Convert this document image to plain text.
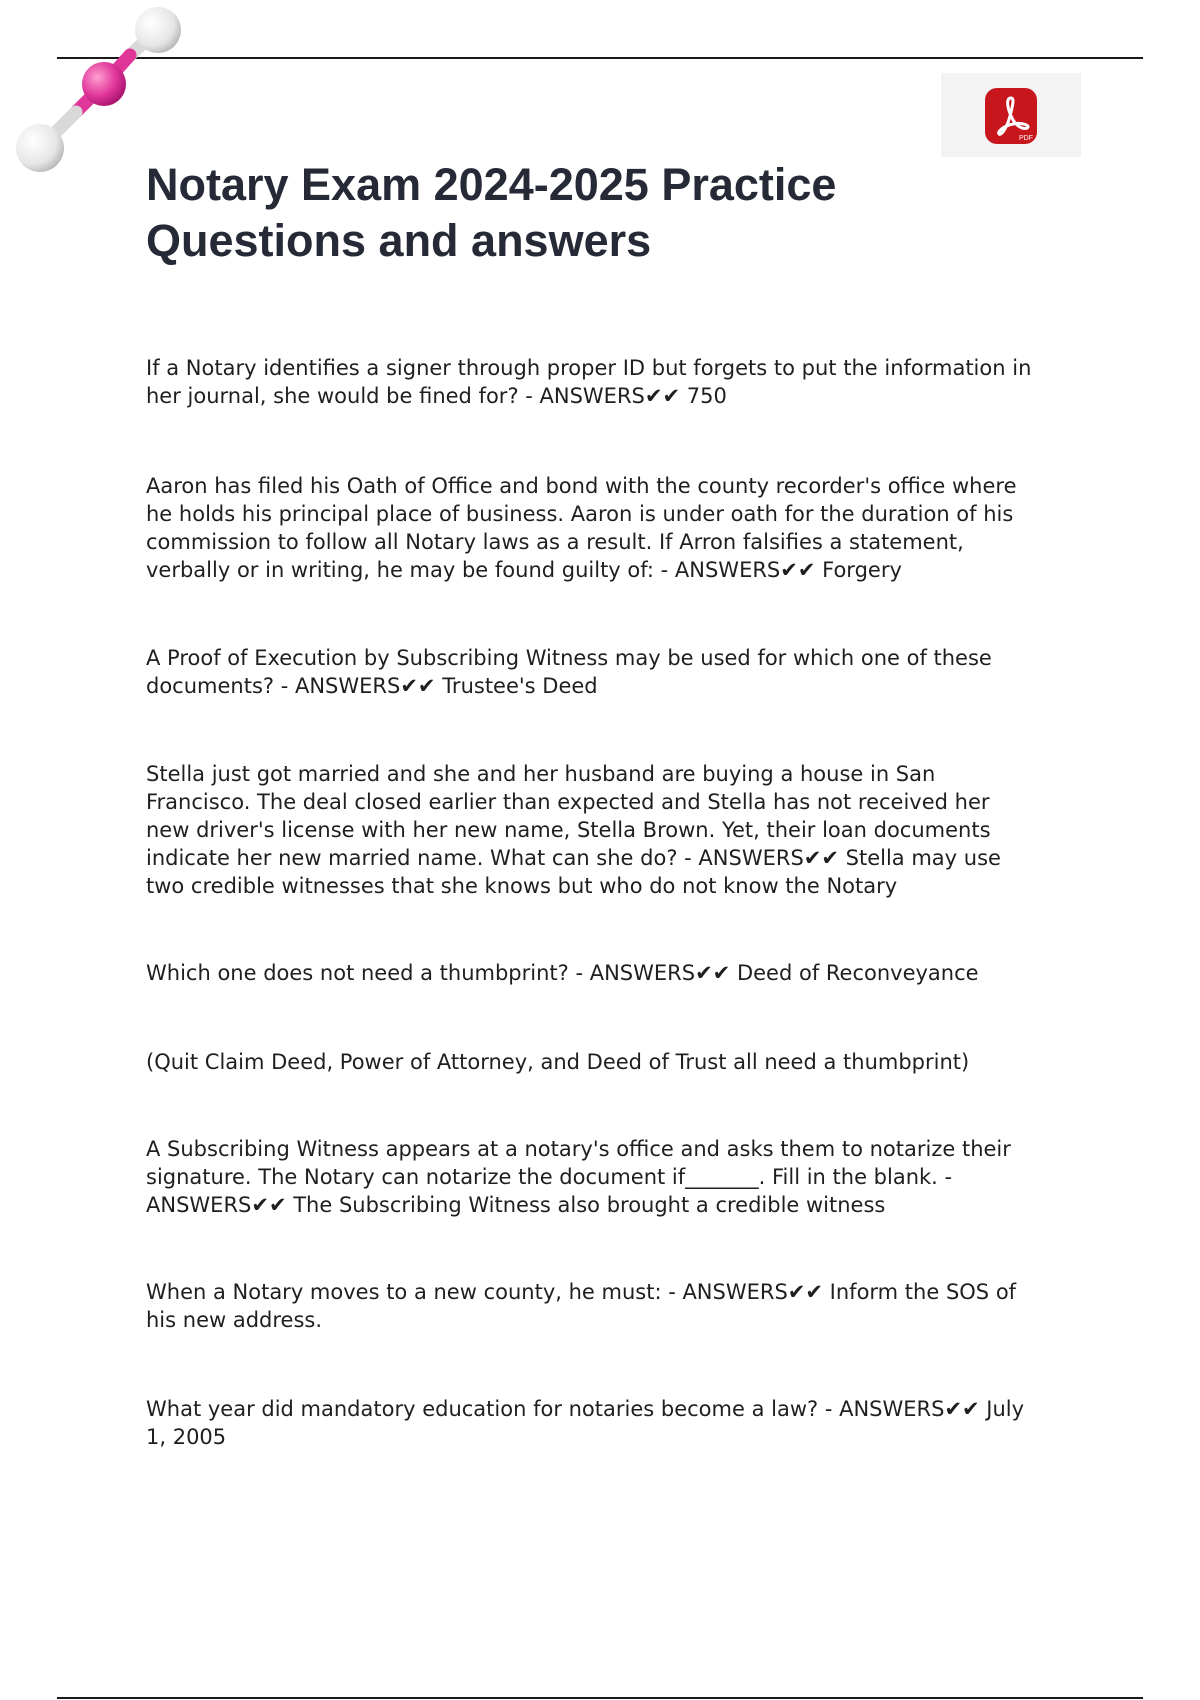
PDF
Notary Exam 2024-2025 Practice
Questions and answers

If a Notary identifies a signer through proper ID but forgets to put the information in
her journal, she would be fined for? - ANSWERS✔✔ 750

Aaron has filed his Oath of Office and bond with the county recorder's office where
he holds his principal place of business. Aaron is under oath for the duration of his
commission to follow all Notary laws as a result. If Arron falsifies a statement,
verbally or in writing, he may be found guilty of: - ANSWERS✔✔ Forgery

A Proof of Execution by Subscribing Witness may be used for which one of these
documents? - ANSWERS✔✔ Trustee's Deed

Stella just got married and she and her husband are buying a house in San
Francisco. The deal closed earlier than expected and Stella has not received her
new driver's license with her new name, Stella Brown. Yet, their loan documents
indicate her new married name. What can she do? - ANSWERS✔✔ Stella may use
two credible witnesses that she knows but who do not know the Notary

Which one does not need a thumbprint? - ANSWERS✔✔ Deed of Reconveyance

(Quit Claim Deed, Power of Attorney, and Deed of Trust all need a thumbprint)

A Subscribing Witness appears at a notary's office and asks them to notarize their
signature. The Notary can notarize the document if_______. Fill in the blank. -
ANSWERS✔✔ The Subscribing Witness also brought a credible witness

When a Notary moves to a new county, he must: - ANSWERS✔✔ Inform the SOS of
his new address.

What year did mandatory education for notaries become a law? - ANSWERS✔✔ July
1, 2005
